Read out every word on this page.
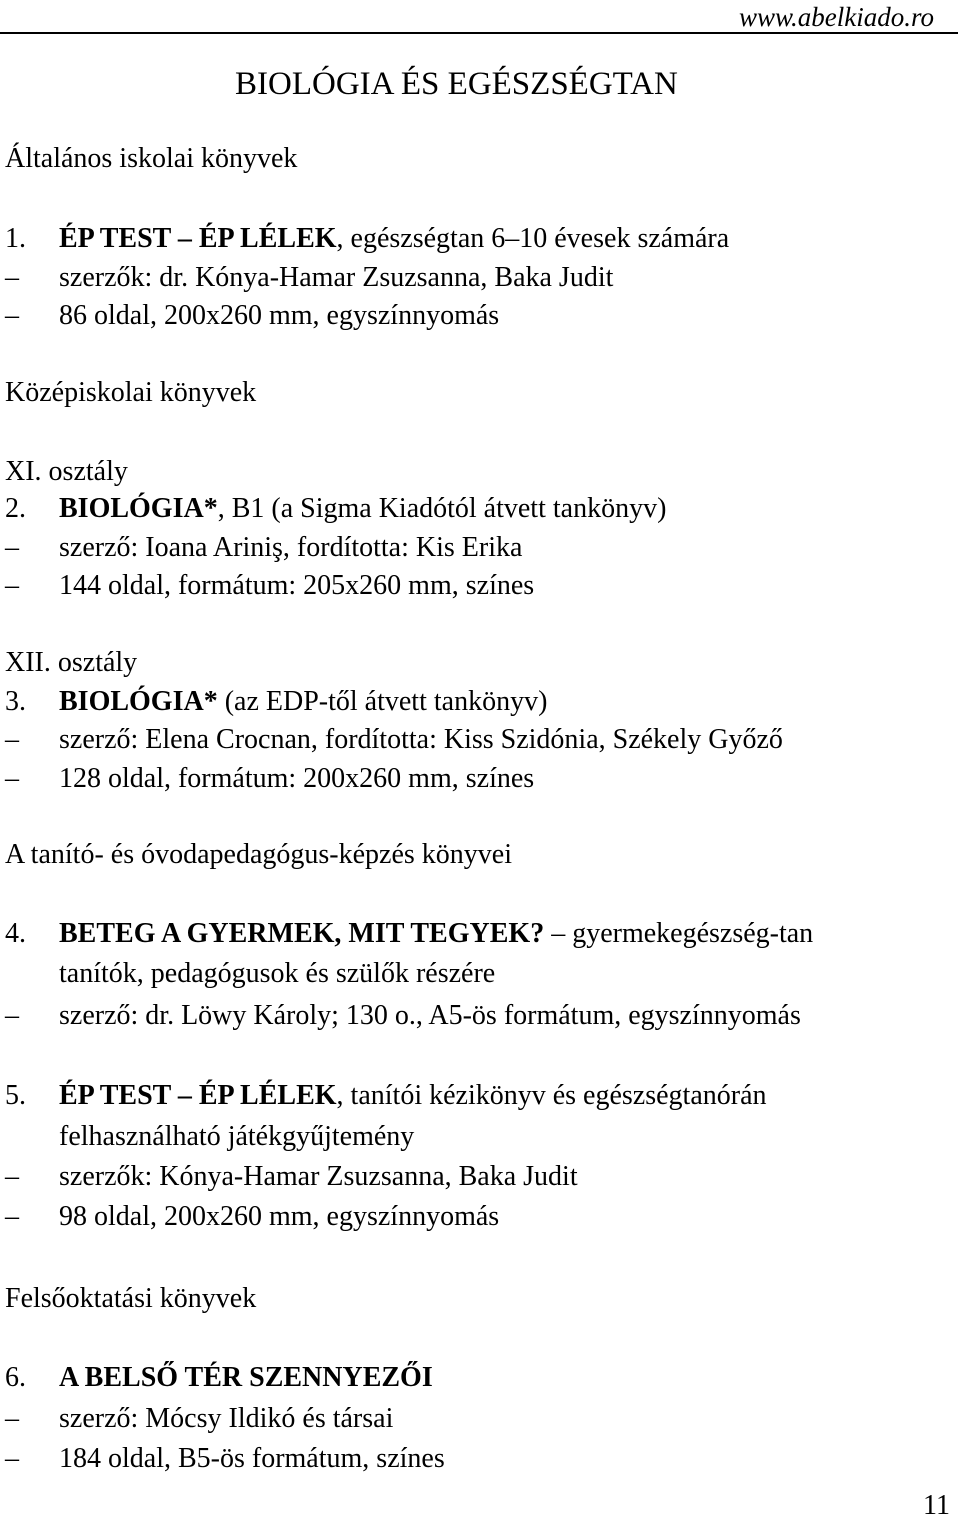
www.abelkiado.ro
BIOLÓGIA ÉS EGÉSZSÉGTAN
Általános iskolai könyvek
1. ÉP TEST – ÉP LÉLEK, egészségtan 6–10 évesek számára
– szerzők: dr. Kónya-Hamar Zsuzsanna, Baka Judit
– 86 oldal, 200x260 mm, egyszínnyomás
Középiskolai könyvek
XI. osztály
2. BIOLÓGIA*, B1 (a Sigma Kiadótól átvett tankönyv)
– szerző: Ioana Ariniş, fordította: Kis Erika
– 144 oldal, formátum: 205x260 mm, színes
XII. osztály
3. BIOLÓGIA* (az EDP-től átvett tankönyv)
– szerző: Elena Crocnan, fordította: Kiss Szidónia, Székely Győző
– 128 oldal, formátum: 200x260 mm, színes
A tanító- és óvodapedagógus-képzés könyvei
4. BETEG A GYERMEK, MIT TEGYEK? – gyermekegészség-tan
tanítók, pedagógusok és szülők részére
– szerző: dr. Löwy Károly; 130 o., A5-ös formátum, egyszínnyomás
5. ÉP TEST – ÉP LÉLEK, tanítói kézikönyv és egészségtanórán
felhasználható játékgyűjtemény
– szerzők: Kónya-Hamar Zsuzsanna, Baka Judit
– 98 oldal, 200x260 mm, egyszínnyomás
Felsőoktatási könyvek
6. A BELSŐ TÉR SZENNYEZŐI
– szerző: Mócsy Ildikó és társai
– 184 oldal, B5-ös formátum, színes
11
